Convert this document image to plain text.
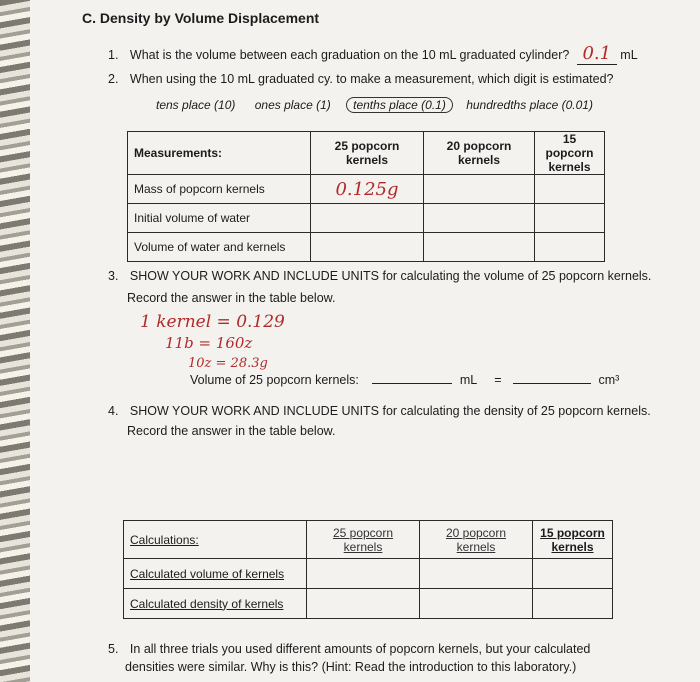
C. Density by Volume Displacement
1. What is the volume between each graduation on the 10 mL graduated cylinder? 0.1 mL
2. When using the 10 mL graduated cy. to make a measurement, which digit is estimated?
tens place (10) ones place (1) tenths place (0.1) hundredths place (0.01)
Measurements:	25 popcorn kernels	20 popcorn kernels	15 popcorn kernels
Mass of popcorn kernels	0.125g		
Initial volume of water			
Volume of water and kernels			
3. SHOW YOUR WORK AND INCLUDE UNITS for calculating the volume of 25 popcorn kernels.
Record the answer in the table below.
1 kernel = 0.129
11b = 160z
10z = 28.3g
Volume of 25 popcorn kernels:	mL =	cm³
4. SHOW YOUR WORK AND INCLUDE UNITS for calculating the density of 25 popcorn kernels.
Record the answer in the table below.
Calculations:	25 popcorn kernels	20 popcorn kernels	15 popcorn kernels
Calculated volume of kernels			
Calculated density of kernels			
5. In all three trials you used different amounts of popcorn kernels, but your calculated
densities were similar. Why is this? (Hint: Read the introduction to this laboratory.)
